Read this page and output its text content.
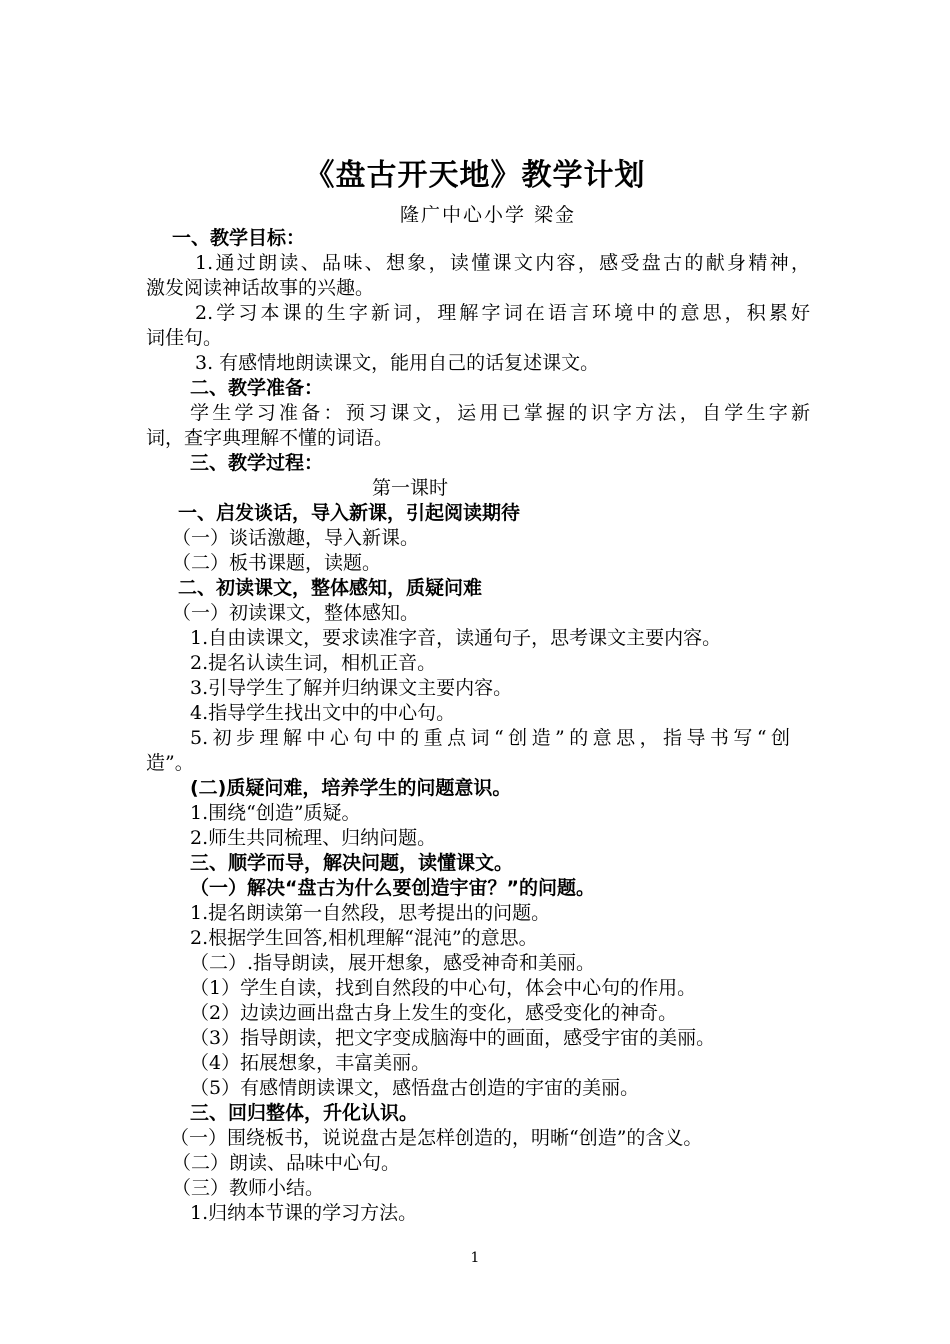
《盘古开天地》教学计划
隆广中心小学 梁金
一、教学目标：
1.通过朗读、品味、想象，读懂课文内容，感受盘古的献身精神，
激发阅读神话故事的兴趣。
2.学习本课的生字新词，理解字词在语言环境中的意思，积累好
词佳句。
3. 有感情地朗读课文，能用自己的话复述课文。
二、教学准备：
学生学习准备：预习课文，运用已掌握的识字方法，自学生字新
词，查字典理解不懂的词语。
三、教学过程：
第一课时
一、启发谈话，导入新课，引起阅读期待
（一）谈话激趣，导入新课。
（二）板书课题，读题。
二、初读课文，整体感知，质疑问难
（一）初读课文，整体感知。
1.自由读课文，要求读准字音，读通句子，思考课文主要内容。
2.提名认读生词，相机正音。
3.引导学生了解并归纳课文主要内容。
4.指导学生找出文中的中心句。
5.初步理解中心句中的重点词“创造”的意思，指导书写“创
造”。
(二)质疑问难，培养学生的问题意识。
1.围绕“创造”质疑。
2.师生共同梳理、归纳问题。
三、顺学而导，解决问题，读懂课文。
（一）解决“盘古为什么要创造宇宙？”的问题。
1.提名朗读第一自然段，思考提出的问题。
2.根据学生回答,相机理解“混沌”的意思。
（二）.指导朗读，展开想象，感受神奇和美丽。
（1）学生自读，找到自然段的中心句，体会中心句的作用。
（2）边读边画出盘古身上发生的变化，感受变化的神奇。
（3）指导朗读，把文字变成脑海中的画面，感受宇宙的美丽。
（4）拓展想象，丰富美丽。
（5）有感情朗读课文，感悟盘古创造的宇宙的美丽。
三、回归整体，升化认识。
（一）围绕板书，说说盘古是怎样创造的，明晰“创造”的含义。
（二）朗读、品味中心句。
（三）教师小结。
1.归纳本节课的学习方法。
1
